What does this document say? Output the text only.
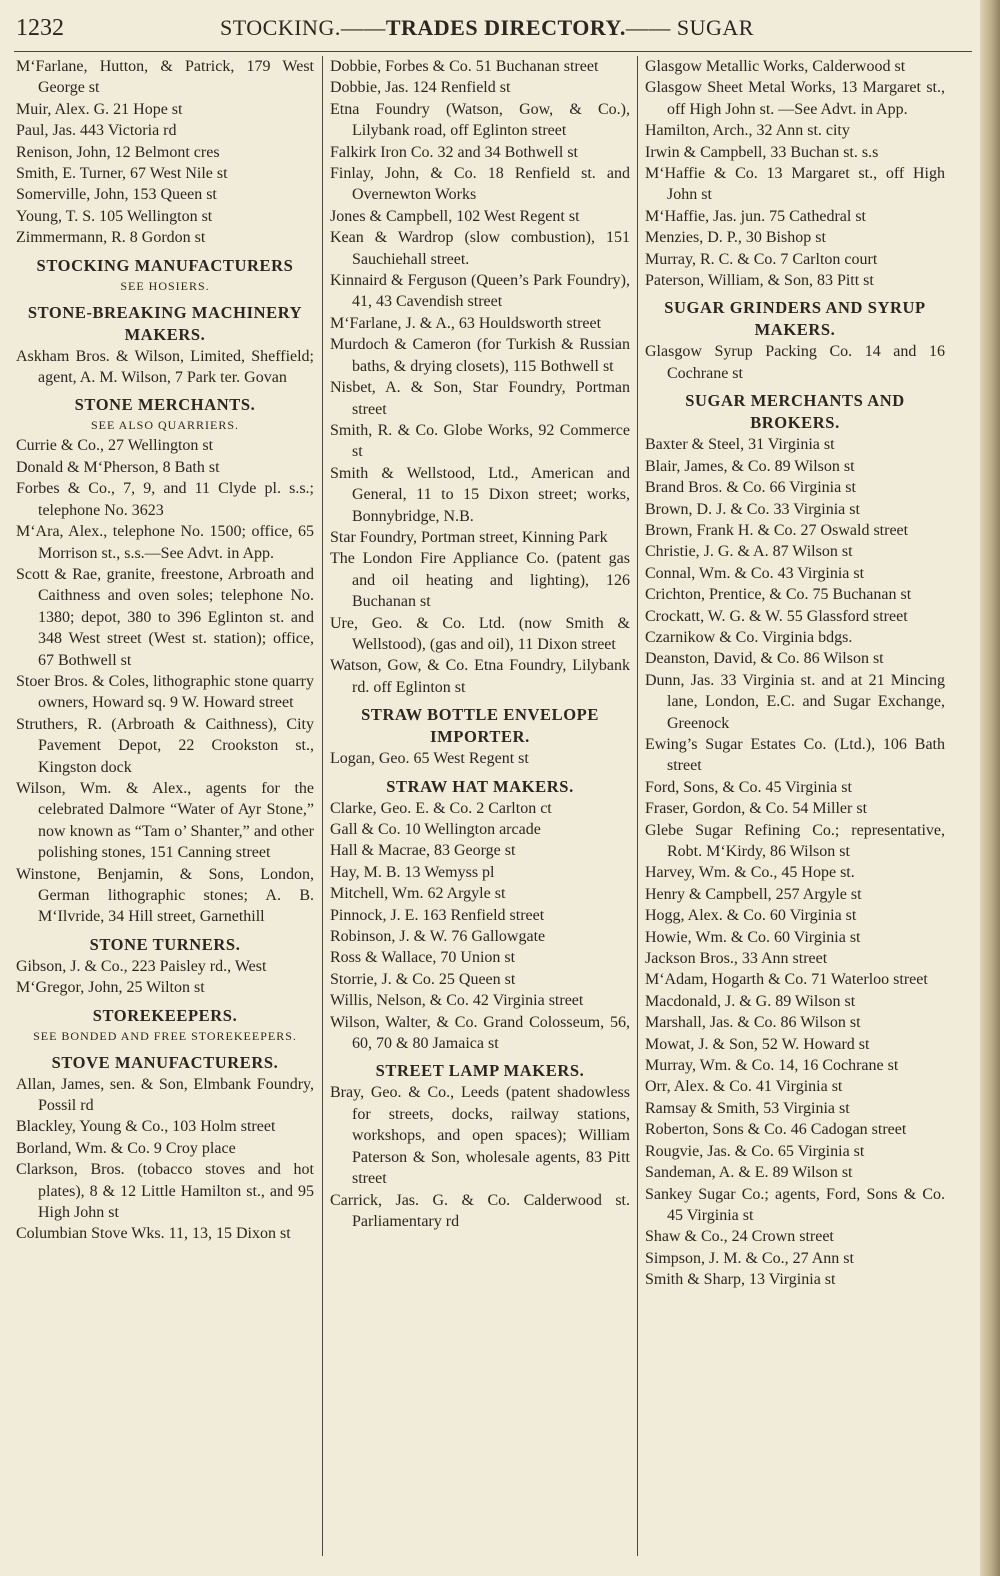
1232	STOCKING.——TRADES DIRECTORY.—— SUGAR
M‘Farlane, Hutton, & Patrick, 179 West George st
Muir, Alex. G. 21 Hope st
Paul, Jas. 443 Victoria rd
Renison, John, 12 Belmont cres
Smith, E. Turner, 67 West Nile st
Somerville, John, 153 Queen st
Young, T. S. 105 Wellington st
Zimmermann, R. 8 Gordon st
STOCKING MANUFACTURERS
SEE HOSIERS.
STONE-BREAKING MACHINERY MAKERS.
Askham Bros. & Wilson, Limited, Sheffield; agent, A. M. Wilson, 7 Park ter. Govan
STONE MERCHANTS.
SEE ALSO QUARRIERS.
Currie & Co., 27 Wellington st
Donald & M‘Pherson, 8 Bath st
Forbes & Co., 7, 9, and 11 Clyde pl. s.s.; telephone No. 3623
M‘Ara, Alex., telephone No. 1500; office, 65 Morrison st., s.s.—See Advt. in App.
Scott & Rae, granite, freestone, Arbroath and Caithness and oven soles; telephone No. 1380; depot, 380 to 396 Eglinton st. and 348 West street (West st. station); office, 67 Bothwell st
Stoer Bros. & Coles, lithographic stone quarry owners, Howard sq. 9 W. Howard street
Struthers, R. (Arbroath & Caithness), City Pavement Depot, 22 Crookston st., Kingston dock
Wilson, Wm. & Alex., agents for the celebrated Dalmore “Water of Ayr Stone,” now known as “Tam o’ Shanter,” and other polishing stones, 151 Canning street
Winstone, Benjamin, & Sons, London, German lithographic stones; A. B. M‘Ilvride, 34 Hill street, Garnethill
STONE TURNERS.
Gibson, J. & Co., 223 Paisley rd., West
M‘Gregor, John, 25 Wilton st
STOREKEEPERS.
SEE BONDED AND FREE STOREKEEPERS.
STOVE MANUFACTURERS.
Allan, James, sen. & Son, Elmbank Foundry, Possil rd
Blackley, Young & Co., 103 Holm street
Borland, Wm. & Co. 9 Croy place
Clarkson, Bros. (tobacco stoves and hot plates), 8 & 12 Little Hamilton st., and 95 High John st
Columbian Stove Wks. 11, 13, 15 Dixon st
Dobbie, Forbes & Co. 51 Buchanan street
Dobbie, Jas. 124 Renfield st
Etna Foundry (Watson, Gow, & Co.), Lilybank road, off Eglinton street
Falkirk Iron Co. 32 and 34 Bothwell st
Finlay, John, & Co. 18 Renfield st. and Overnewton Works
Jones & Campbell, 102 West Regent st
Kean & Wardrop (slow combustion), 151 Sauchiehall street.
Kinnaird & Ferguson (Queen’s Park Foundry), 41, 43 Cavendish street
M‘Farlane, J. & A., 63 Houldsworth street
Murdoch & Cameron (for Turkish & Russian baths, & drying closets), 115 Bothwell st
Nisbet, A. & Son, Star Foundry, Portman street
Smith, R. & Co. Globe Works, 92 Commerce st
Smith & Wellstood, Ltd., American and General, 11 to 15 Dixon street; works, Bonnybridge, N.B.
Star Foundry, Portman street, Kinning Park
The London Fire Appliance Co. (patent gas and oil heating and lighting), 126 Buchanan st
Ure, Geo. & Co. Ltd. (now Smith & Wellstood), (gas and oil), 11 Dixon street
Watson, Gow, & Co. Etna Foundry, Lilybank rd. off Eglinton st
STRAW BOTTLE ENVELOPE IMPORTER.
Logan, Geo. 65 West Regent st
STRAW HAT MAKERS.
Clarke, Geo. E. & Co. 2 Carlton ct
Gall & Co. 10 Wellington arcade
Hall & Macrae, 83 George st
Hay, M. B. 13 Wemyss pl
Mitchell, Wm. 62 Argyle st
Pinnock, J. E. 163 Renfield street
Robinson, J. & W. 76 Gallowgate
Ross & Wallace, 70 Union st
Storrie, J. & Co. 25 Queen st
Willis, Nelson, & Co. 42 Virginia street
Wilson, Walter, & Co. Grand Colosseum, 56, 60, 70 & 80 Jamaica st
STREET LAMP MAKERS.
Bray, Geo. & Co., Leeds (patent shadowless for streets, docks, railway stations, workshops, and open spaces); William Paterson & Son, wholesale agents, 83 Pitt street
Carrick, Jas. G. & Co. Calderwood st. Parliamentary rd
Glasgow Metallic Works, Calderwood st
Glasgow Sheet Metal Works, 13 Margaret st., off High John st. —See Advt. in App.
Hamilton, Arch., 32 Ann st. city
Irwin & Campbell, 33 Buchan st. s.s
M‘Haffie & Co. 13 Margaret st., off High John st
M‘Haffie, Jas. jun. 75 Cathedral st
Menzies, D. P., 30 Bishop st
Murray, R. C. & Co. 7 Carlton court
Paterson, William, & Son, 83 Pitt st
SUGAR GRINDERS AND SYRUP MAKERS.
Glasgow Syrup Packing Co. 14 and 16 Cochrane st
SUGAR MERCHANTS AND BROKERS.
Baxter & Steel, 31 Virginia st
Blair, James, & Co. 89 Wilson st
Brand Bros. & Co. 66 Virginia st
Brown, D. J. & Co. 33 Virginia st
Brown, Frank H. & Co. 27 Oswald street
Christie, J. G. & A. 87 Wilson st
Connal, Wm. & Co. 43 Virginia st
Crichton, Prentice, & Co. 75 Buchanan st
Crockatt, W. G. & W. 55 Glassford street
Czarnikow & Co. Virginia bdgs.
Deanston, David, & Co. 86 Wilson st
Dunn, Jas. 33 Virginia st. and at 21 Mincing lane, London, E.C. and Sugar Exchange, Greenock
Ewing’s Sugar Estates Co. (Ltd.), 106 Bath street
Ford, Sons, & Co. 45 Virginia st
Fraser, Gordon, & Co. 54 Miller st
Glebe Sugar Refining Co.; representative, Robt. M‘Kirdy, 86 Wilson st
Harvey, Wm. & Co., 45 Hope st.
Henry & Campbell, 257 Argyle st
Hogg, Alex. & Co. 60 Virginia st
Howie, Wm. & Co. 60 Virginia st
Jackson Bros., 33 Ann street
M‘Adam, Hogarth & Co. 71 Waterloo street
Macdonald, J. & G. 89 Wilson st
Marshall, Jas. & Co. 86 Wilson st
Mowat, J. & Son, 52 W. Howard st
Murray, Wm. & Co. 14, 16 Cochrane st
Orr, Alex. & Co. 41 Virginia st
Ramsay & Smith, 53 Virginia st
Roberton, Sons & Co. 46 Cadogan street
Rougvie, Jas. & Co. 65 Virginia st
Sandeman, A. & E. 89 Wilson st
Sankey Sugar Co.; agents, Ford, Sons & Co. 45 Virginia st
Shaw & Co., 24 Crown street
Simpson, J. M. & Co., 27 Ann st
Smith & Sharp, 13 Virginia st
